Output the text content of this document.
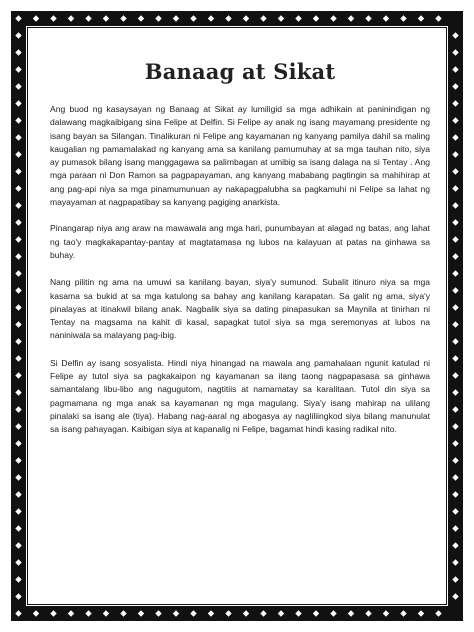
Banaag at Sikat

Ang buod ng kasaysayan ng Banaag at Sikat ay lumiligid sa mga adhikain at paninindigan ng dalawang magkaibigang sina Felipe at Delfin. Si Felipe ay anak ng isang mayamang presidente ng isang bayan sa Silangan. Tinalikuran ni Felipe ang kayamanan ng kanyang pamilya dahil sa maling kaugalian ng pamamalakad ng kanyang ama sa kanilang pamumuhay at sa mga tauhan nito, siya ay pumasok bilang isang manggagawa sa palimbagan at umibig sa isang dalaga na si Tentay . Ang mga paraan ni Don Ramon sa pagpapayaman, ang kanyang mababang pagtingin sa mahihirap at ang pag-api niya sa mga pinamumunuan ay nakapagpalubha sa pagkamuhi ni Felipe sa lahat ng mayayaman at nagpapatibay sa kanyang pagiging anarkista.

Pinangarap niya ang araw na mawawala ang mga hari, punumbayan at alagad ng batas, ang lahat ng tao'y magkakapantay-pantay at magtatamasa ng lubos na kalayuan at patas na ginhawa sa buhay.

Nang pilitin ng ama na umuwi sa kanilang bayan, siya'y sumunod. Subalit itinuro niya sa mga kasama sa bukid at sa mga katulong sa bahay ang kanilang karapatan. Sa galit ng ama, siya'y pinalayas at itinakwil bilang anak. Nagbalik siya sa dating pinapasukan sa Maynila at tinirhan ni Tentay na magsama na kahit di kasal, sapagkat tutol siya sa mga seremonyas at lubos na naniniwala sa malayang pag-ibig.

Si Delfin ay isang sosyalista. Hindi niya hinangad na mawala ang pamahalaan ngunit katulad ni Felipe ay tutol siya sa pagkakaipon ng kayamanan sa ilang taong nagpapasasa sa ginhawa samantalang libu-libo ang nagugutom, nagtitiis at namamatay sa karalitaan. Tutol din siya sa pagmamana ng mga anak sa kayamanan ng mga magulang. Siya'y isang mahirap na ulilang pinalaki sa isang ale (tiya). Habang nag-aaral ng abogasya ay nagliliingkod siya bilang manunulat sa isang pahayagan. Kaibigan siya at kapanalig ni Felipe, bagamat hindi kasing radikal nito.
